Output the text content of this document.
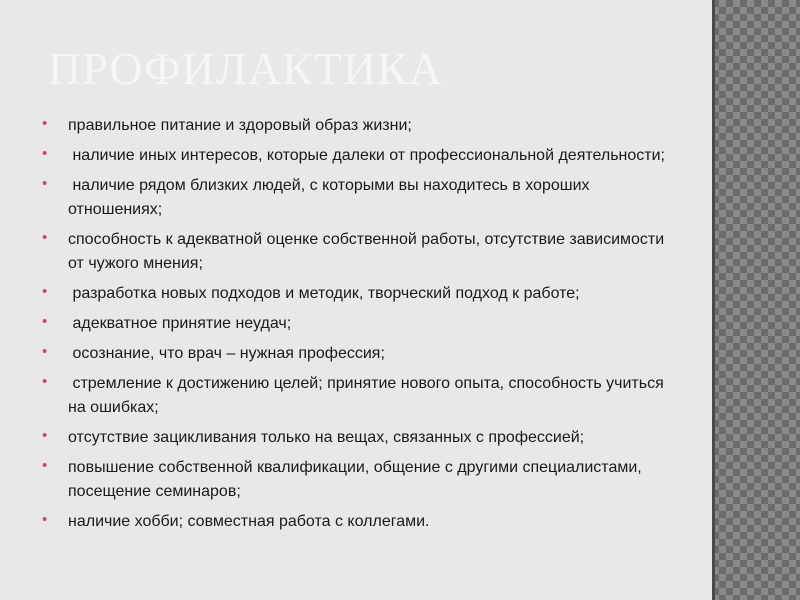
ПРОФИЛАКТИКА
•	правильное питание и здоровый образ жизни;
•	наличие иных интересов, которые далеки от профессиональной деятельности;
•	наличие рядом близких людей, с которыми вы находитесь в хороших отношениях;
•	способность к адекватной оценке собственной работы, отсутствие зависимости от чужого мнения;
•	разработка новых подходов и методик, творческий подход к работе;
•	адекватное принятие неудач;
•	осознание, что врач – нужная профессия;
•	стремление к достижению целей; принятие нового опыта, способность учиться на ошибках;
•	отсутствие зацикливания только на вещах, связанных с профессией;
•	повышение собственной квалификации, общение с другими специалистами, посещение семинаров;
•	наличие хобби; совместная работа с коллегами.
